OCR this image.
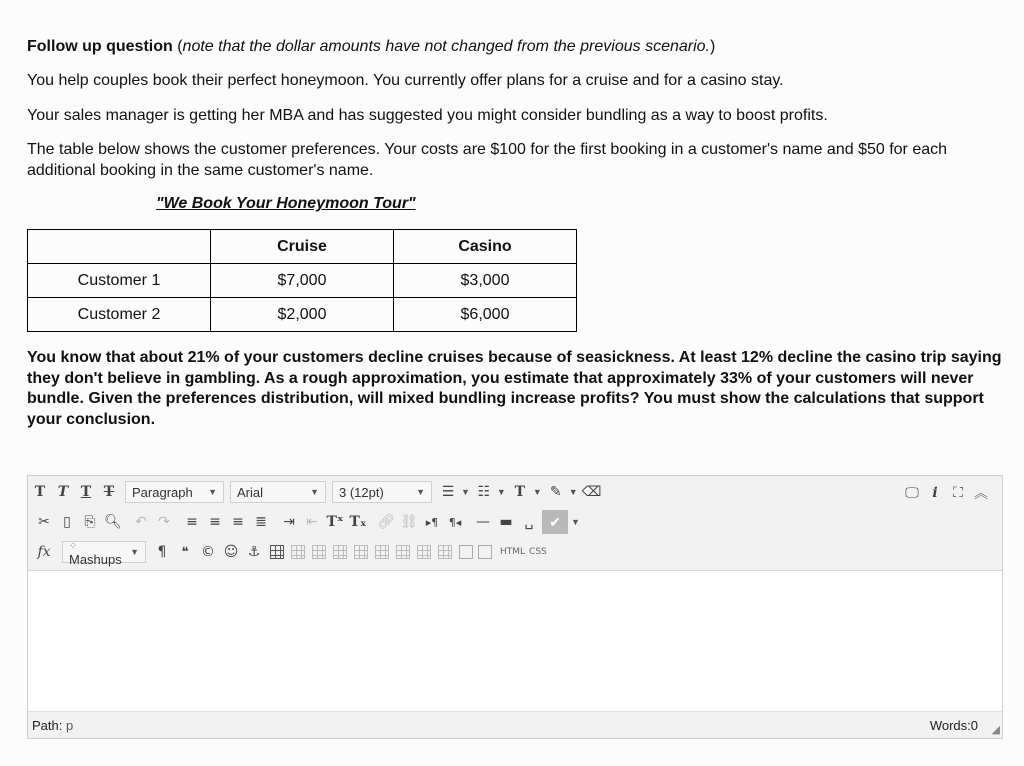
Follow up question (note that the dollar amounts have not changed from the previous scenario.)

You help couples book their perfect honeymoon. You currently offer plans for a cruise and for a casino stay.

Your sales manager is getting her MBA and has suggested you might consider bundling as a way to boost profits.

The table below shows the customer preferences. Your costs are $100 for the first booking in a customer's name and $50 for each additional booking in the same customer's name.

"We Book Your Honeymoon Tour"
	Cruise	Casino
Customer 1	$7,000	$3,000
Customer 2	$2,000	$6,000

You know that about 21% of your customers decline cruises because of seasickness. At least 12% decline the casino trip saying they don't believe in gambling. As a rough approximation, you estimate that approximately 33% of your customers will never bundle. Given the preferences distribution, will mixed bundling increase profits? You must show the calculations that support your conclusion.

T T T T	Paragraph ▼ Arial	▼ 3 (12pt)	▼ ☰ ▼ ☷ ▼ T ▼ ✎ ▼ ⌫	🖵 i	⛶ ︽
✂ ▯ ⎘ 🔍︎ ↶ ↷ ≡ ≡ ≡ ≣ ⇥ ⇤ Tˣ Tₓ 🔗︎ ⛓ ▸¶ ¶◂ — ▬ ␣	✔	▼
fx	⁘ Mashups ▼	¶	❝ © ☺ ⚓	HTML CSS
Path: p	Words:0 ◢
